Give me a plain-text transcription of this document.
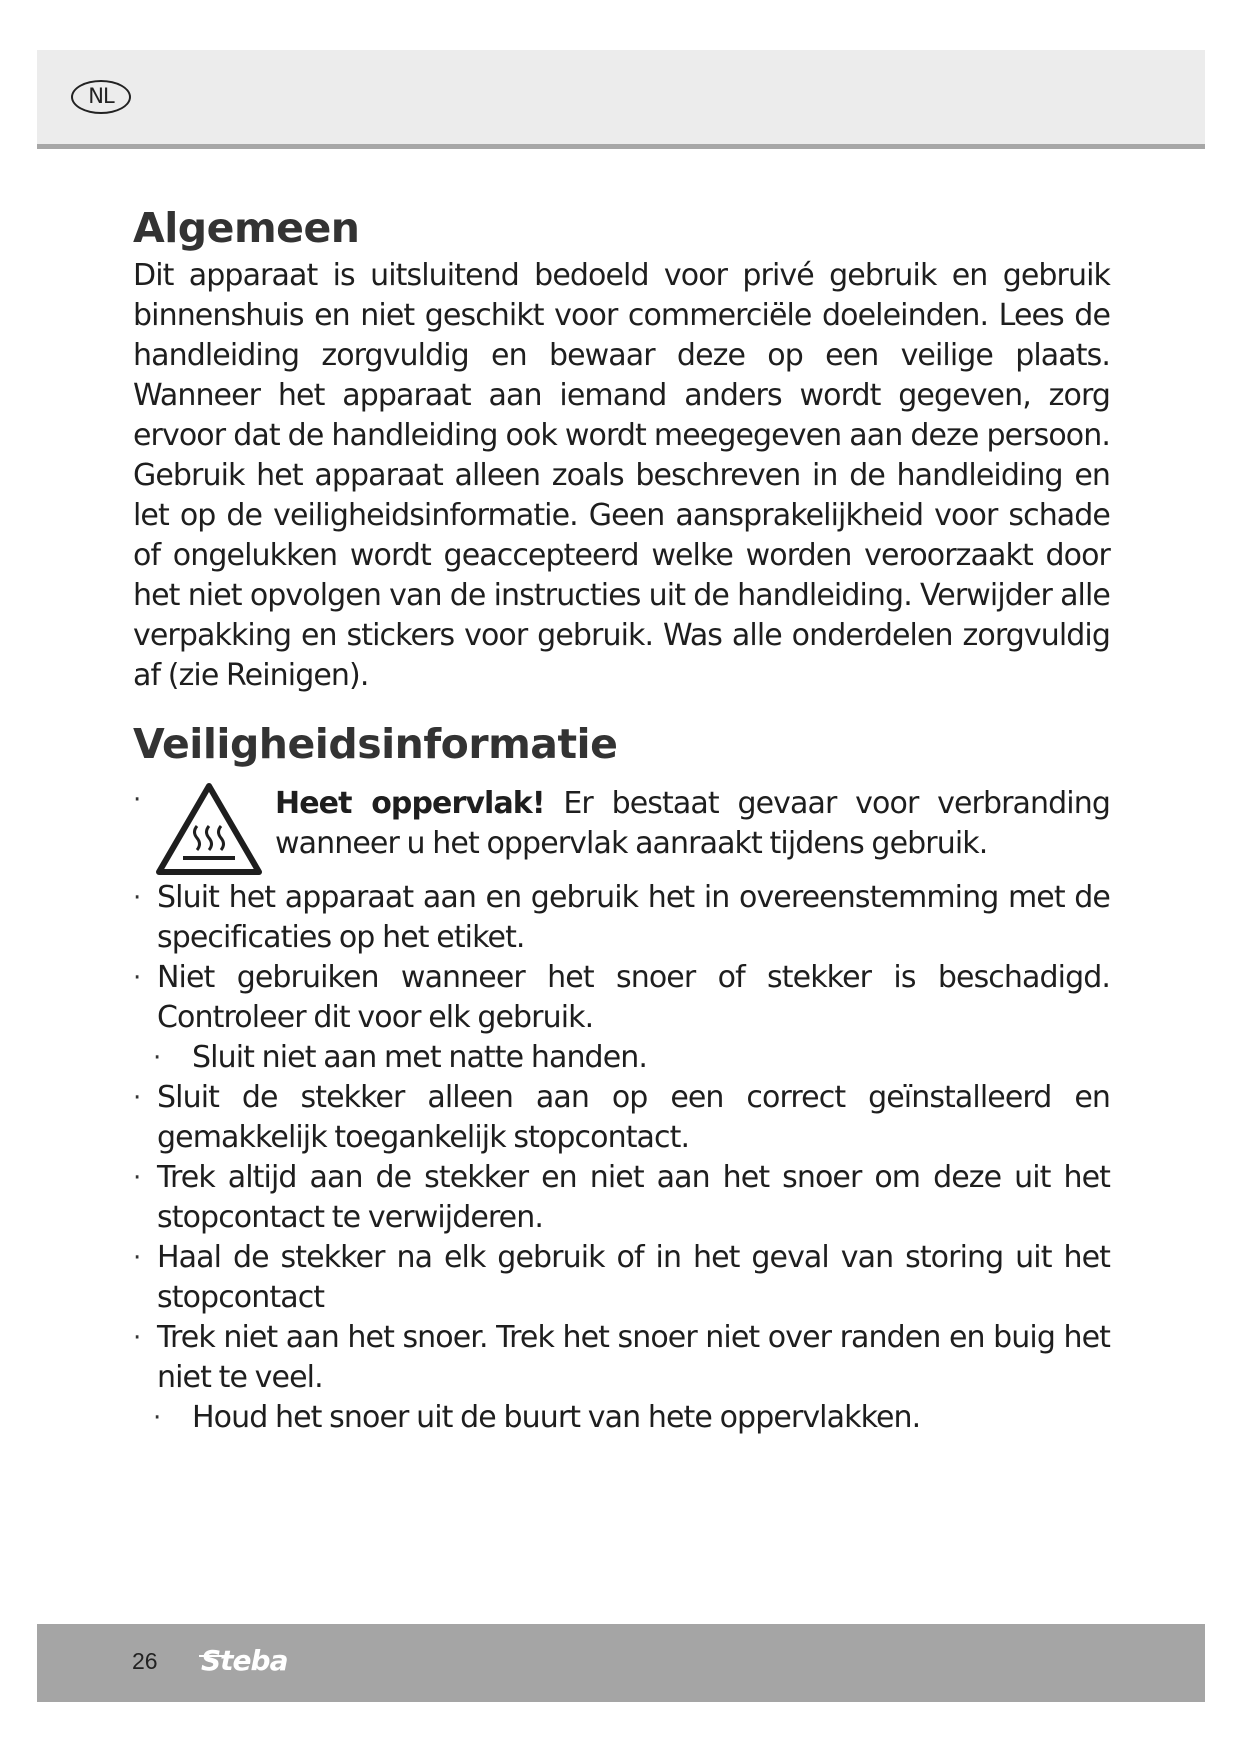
NL
Algemeen

Dit apparaat is uitsluitend bedoeld voor privé gebruik en gebruik binnenshuis en niet geschikt voor commerciële doeleinden. Lees de handleiding zorgvuldig en bewaar deze op een veilige plaats. Wanneer het apparaat aan iemand anders wordt gegeven, zorg ervoor dat de handleiding ook wordt meegegeven aan deze persoon. Gebruik het apparaat alleen zoals beschreven in de handleiding en let op de veiligheidsinformatie. Geen aansprakelijkheid voor schade of ongelukken wordt geaccepteerd welke worden veroorzaakt door het niet opvolgen van de instructies uit de handleiding. Verwijder alle verpakking en stickers voor gebruik. Was alle onderdelen zorgvuldig af (zie Reinigen).

Veiligheidsinformatie
·	Heet oppervlak! Er bestaat gevaar voor verbranding wanneer u het oppervlak aanraakt tijdens gebruik.
· Sluit het apparaat aan en gebruik het in overeenstemming met de specificaties op het etiket.
· Niet gebruiken wanneer het snoer of stekker is beschadigd. Controleer dit voor elk gebruik.
· Sluit niet aan met natte handen.
· Sluit de stekker alleen aan op een correct geïnstalleerd en gemakkelijk toegankelijk stopcontact.
· Trek altijd aan de stekker en niet aan het snoer om deze uit het stopcontact te verwijderen.
· Haal de stekker na elk gebruik of in het geval van storing uit het stopcontact
· Trek niet aan het snoer. Trek het snoer niet over randen en buig het niet te veel.
· Houd het snoer uit de buurt van hete oppervlakken.
26 Steba
